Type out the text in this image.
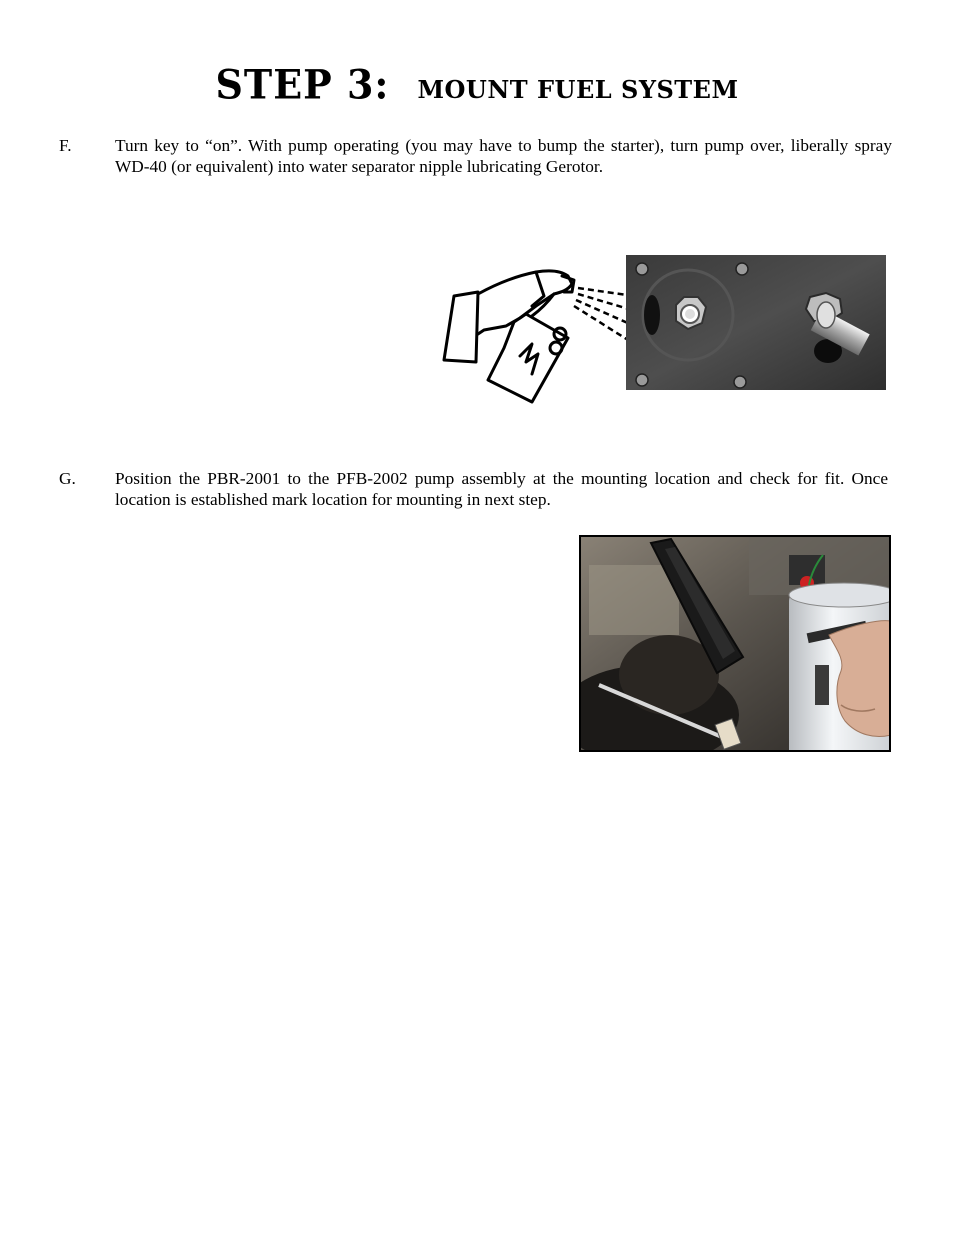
STEP 3: MOUNT FUEL SYSTEM
F.	Turn key to “on”. With pump operating (you may have to bump the starter), turn pump over, liberally spray WD-40 (or equivalent) into water separator nipple lubricating Gerotor.
G. Position the PBR-2001 to the PFB-2002 pump assembly at the mounting location and check for fit. Once location is established mark location for mounting in next step.
